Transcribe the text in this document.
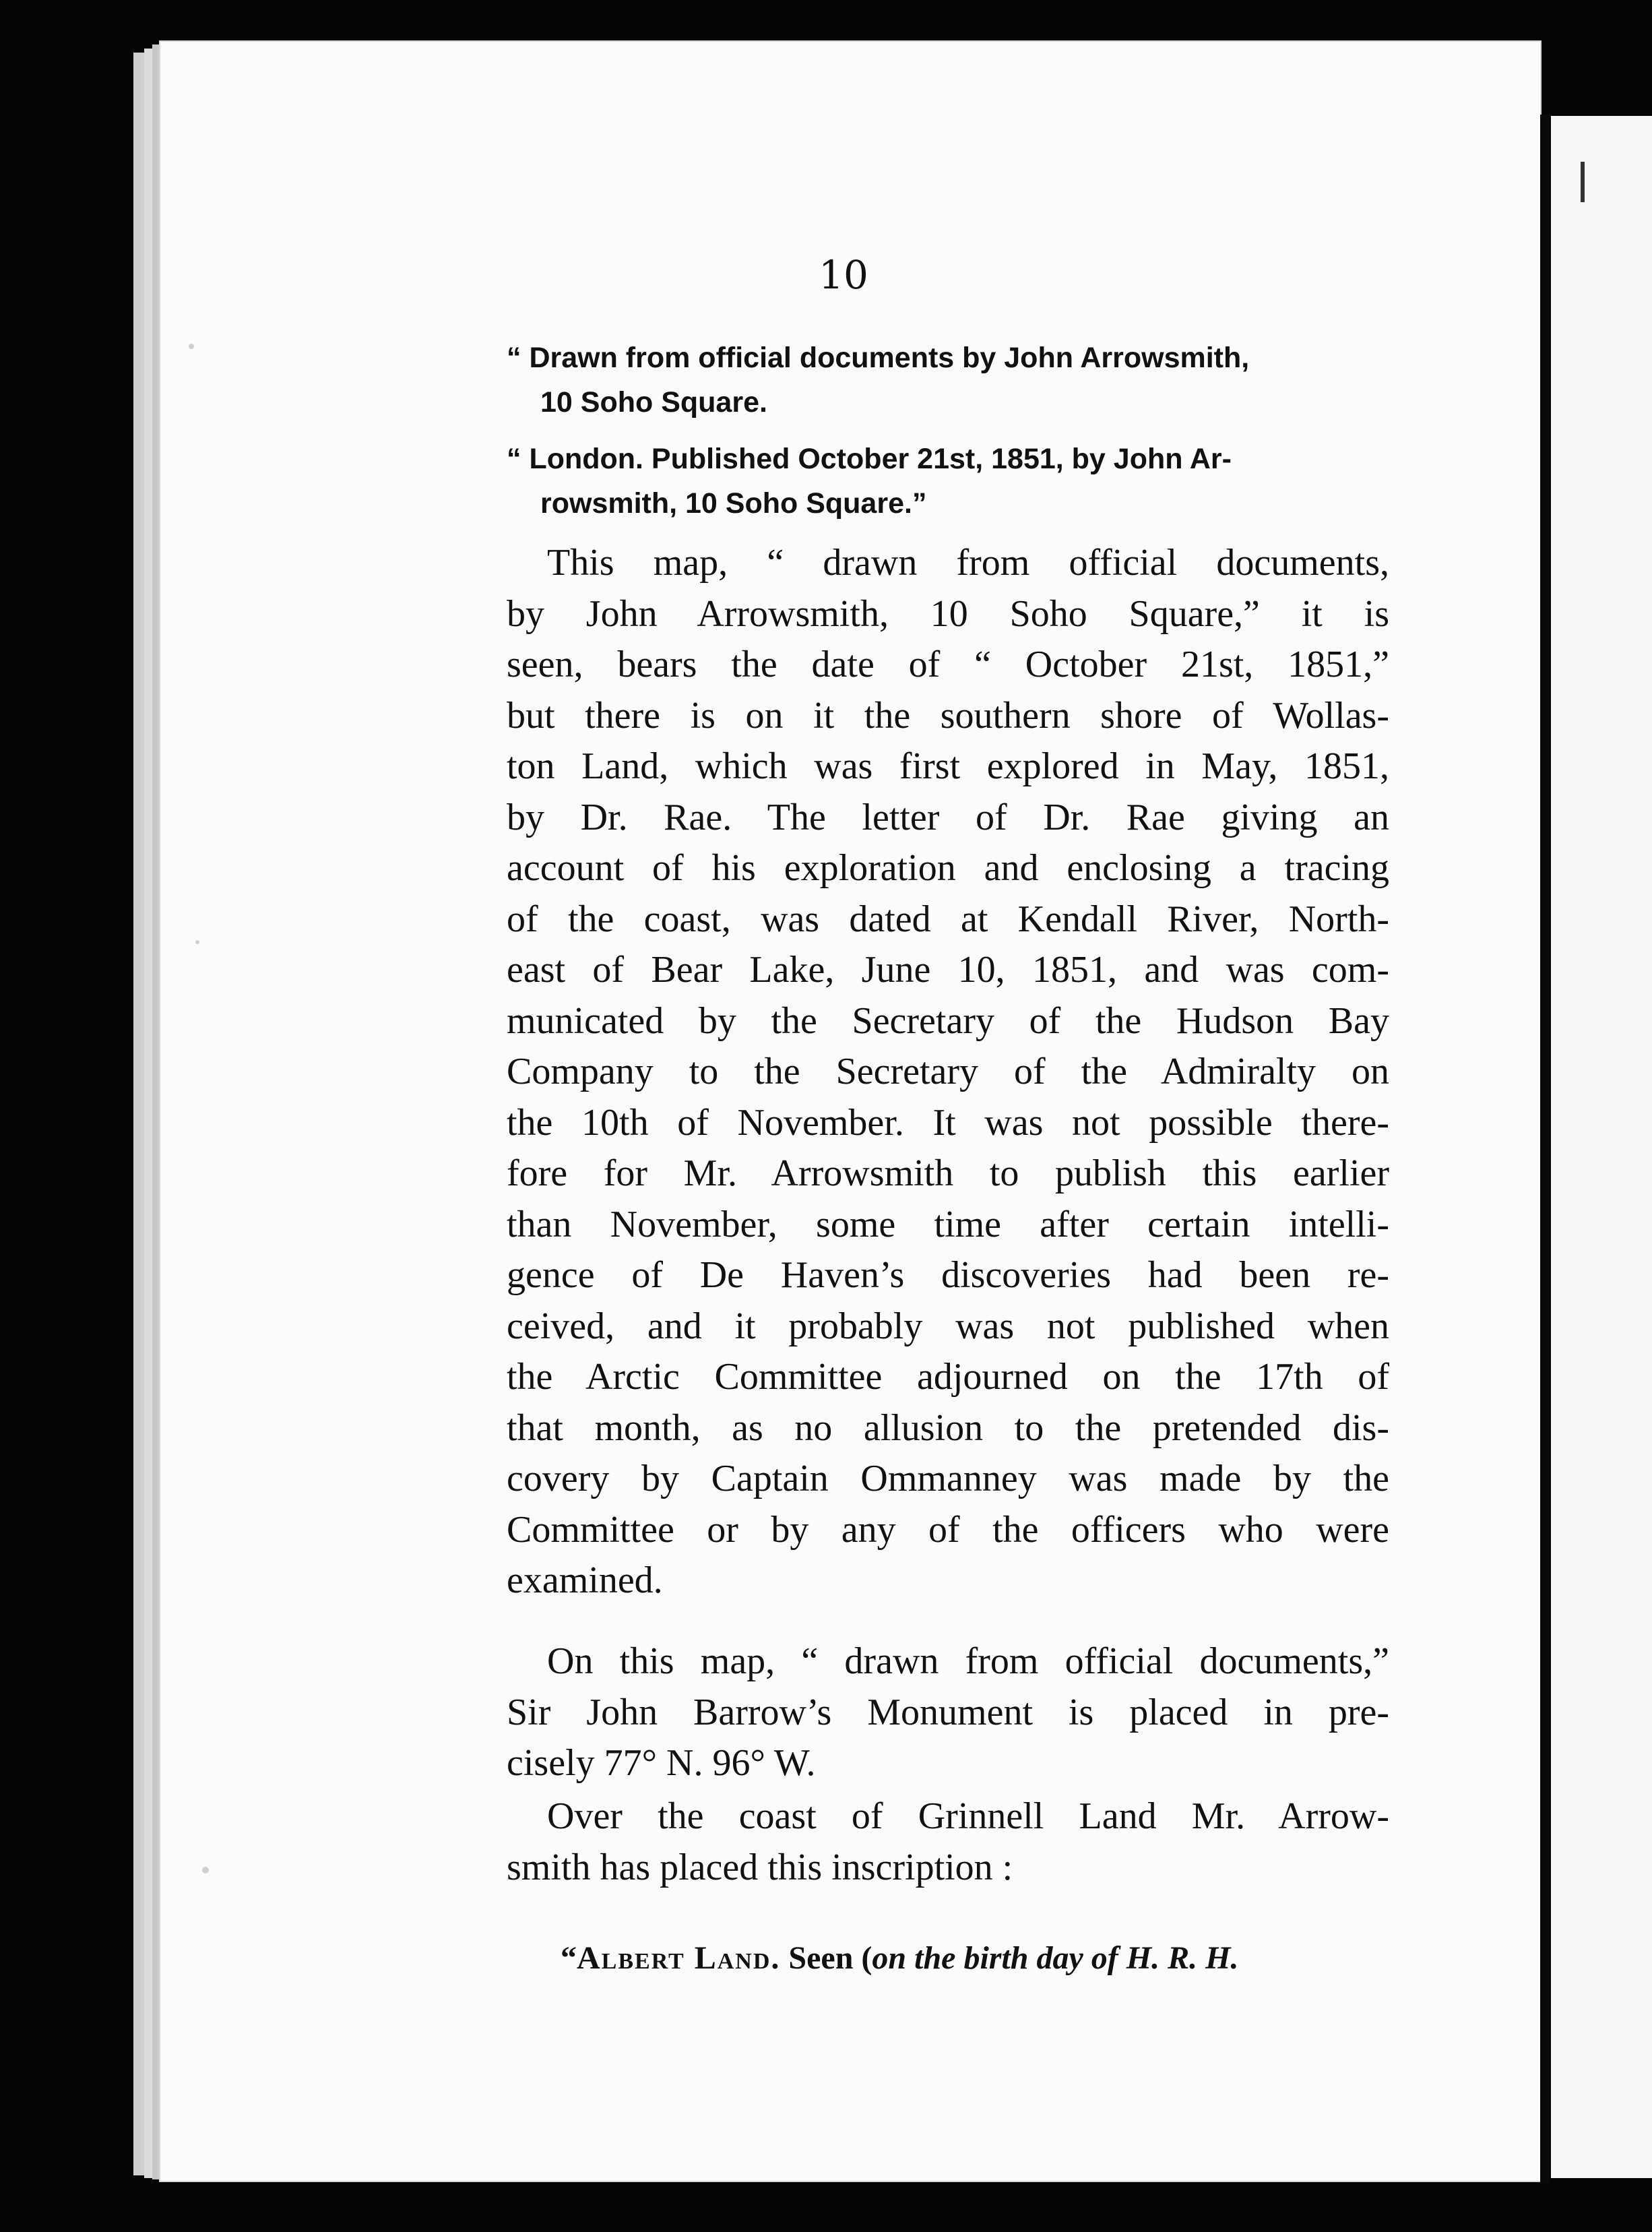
10
“ Drawn from official documents by John Arrowsmith,
10 Soho Square.
“ London. Published October 21st, 1851, by John Ar-
rowsmith, 10 Soho Square.”
This map, “ drawn from official documents,
by John Arrowsmith, 10 Soho Square,” it is
seen, bears the date of “ October 21st, 1851,”
but there is on it the southern shore of Wollas-
ton Land, which was first explored in May, 1851,
by Dr. Rae. The letter of Dr. Rae giving an
account of his exploration and enclosing a tracing
of the coast, was dated at Kendall River, North-
east of Bear Lake, June 10, 1851, and was com-
municated by the Secretary of the Hudson Bay
Company to the Secretary of the Admiralty on
the 10th of November. It was not possible there-
fore for Mr. Arrowsmith to publish this earlier
than November, some time after certain intelli-
gence of De Haven’s discoveries had been re-
ceived, and it probably was not published when
the Arctic Committee adjourned on the 17th of
that month, as no allusion to the pretended dis-
covery by Captain Ommanney was made by the
Committee or by any of the officers who were
examined.
On this map, “ drawn from official documents,”
Sir John Barrow’s Monument is placed in pre-
cisely 77° N. 96° W.
Over the coast of Grinnell Land Mr. Arrow-
smith has placed this inscription :
“Albert Land. Seen (on the birth day of H. R. H.
